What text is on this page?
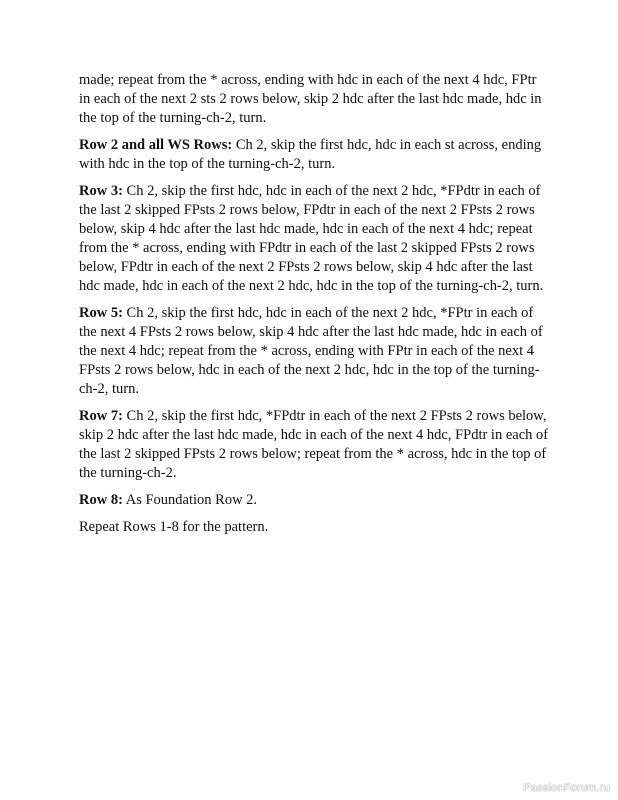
made; repeat from the * across, ending with hdc in each of the next 4 hdc, FPtr in each of the next 2 sts 2 rows below, skip 2 hdc after the last hdc made, hdc in the top of the turning-ch-2, turn.

Row 2 and all WS Rows: Ch 2, skip the first hdc, hdc in each st across, ending with hdc in the top of the turning-ch-2, turn.

Row 3: Ch 2, skip the first hdc, hdc in each of the next 2 hdc, *FPdtr in each of the last 2 skipped FPsts 2 rows below, FPdtr in each of the next 2 FPsts 2 rows below, skip 4 hdc after the last hdc made, hdc in each of the next 4 hdc; repeat from the * across, ending with FPdtr in each of the last 2 skipped FPsts 2 rows below, FPdtr in each of the next 2 FPsts 2 rows below, skip 4 hdc after the last hdc made, hdc in each of the next 2 hdc, hdc in the top of the turning-ch-2, turn.

Row 5: Ch 2, skip the first hdc, hdc in each of the next 2 hdc, *FPtr in each of the next 4 FPsts 2 rows below, skip 4 hdc after the last hdc made, hdc in each of the next 4 hdc; repeat from the * across, ending with FPtr in each of the next 4 FPsts 2 rows below, hdc in each of the next 2 hdc, hdc in the top of the turning-ch-2, turn.

Row 7: Ch 2, skip the first hdc, *FPdtr in each of the next 2 FPsts 2 rows below, skip 2 hdc after the last hdc made, hdc in each of the next 4 hdc, FPdtr in each of the last 2 skipped FPsts 2 rows below; repeat from the * across, hdc in the top of the turning-ch-2.

Row 8: As Foundation Row 2.

Repeat Rows 1-8 for the pattern.

PassionForum.ru
